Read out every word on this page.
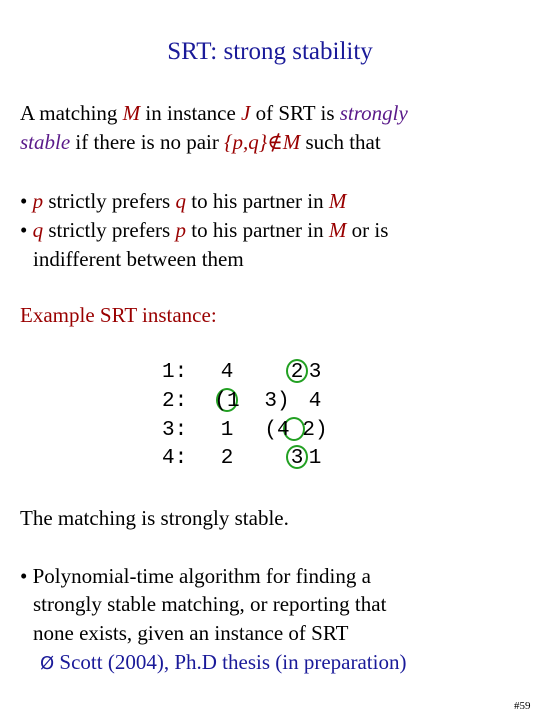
SRT: strong stability
A matching M in instance J of SRT is strongly
stable if there is no pair {p,q}∉M such that
• p strictly prefers q to his partner in M
• q strictly prefers p to his partner in M or is
indifferent between them
Example SRT instance:
1:	4	2 3
2: (1 3) 4
3:	1	(4 2)
4:	2	3 1
The matching is strongly stable.
• Polynomial-time algorithm for finding a
strongly stable matching, or reporting that
none exists, given an instance of SRT
Ø Scott (2004), Ph.D thesis (in preparation)
#59
